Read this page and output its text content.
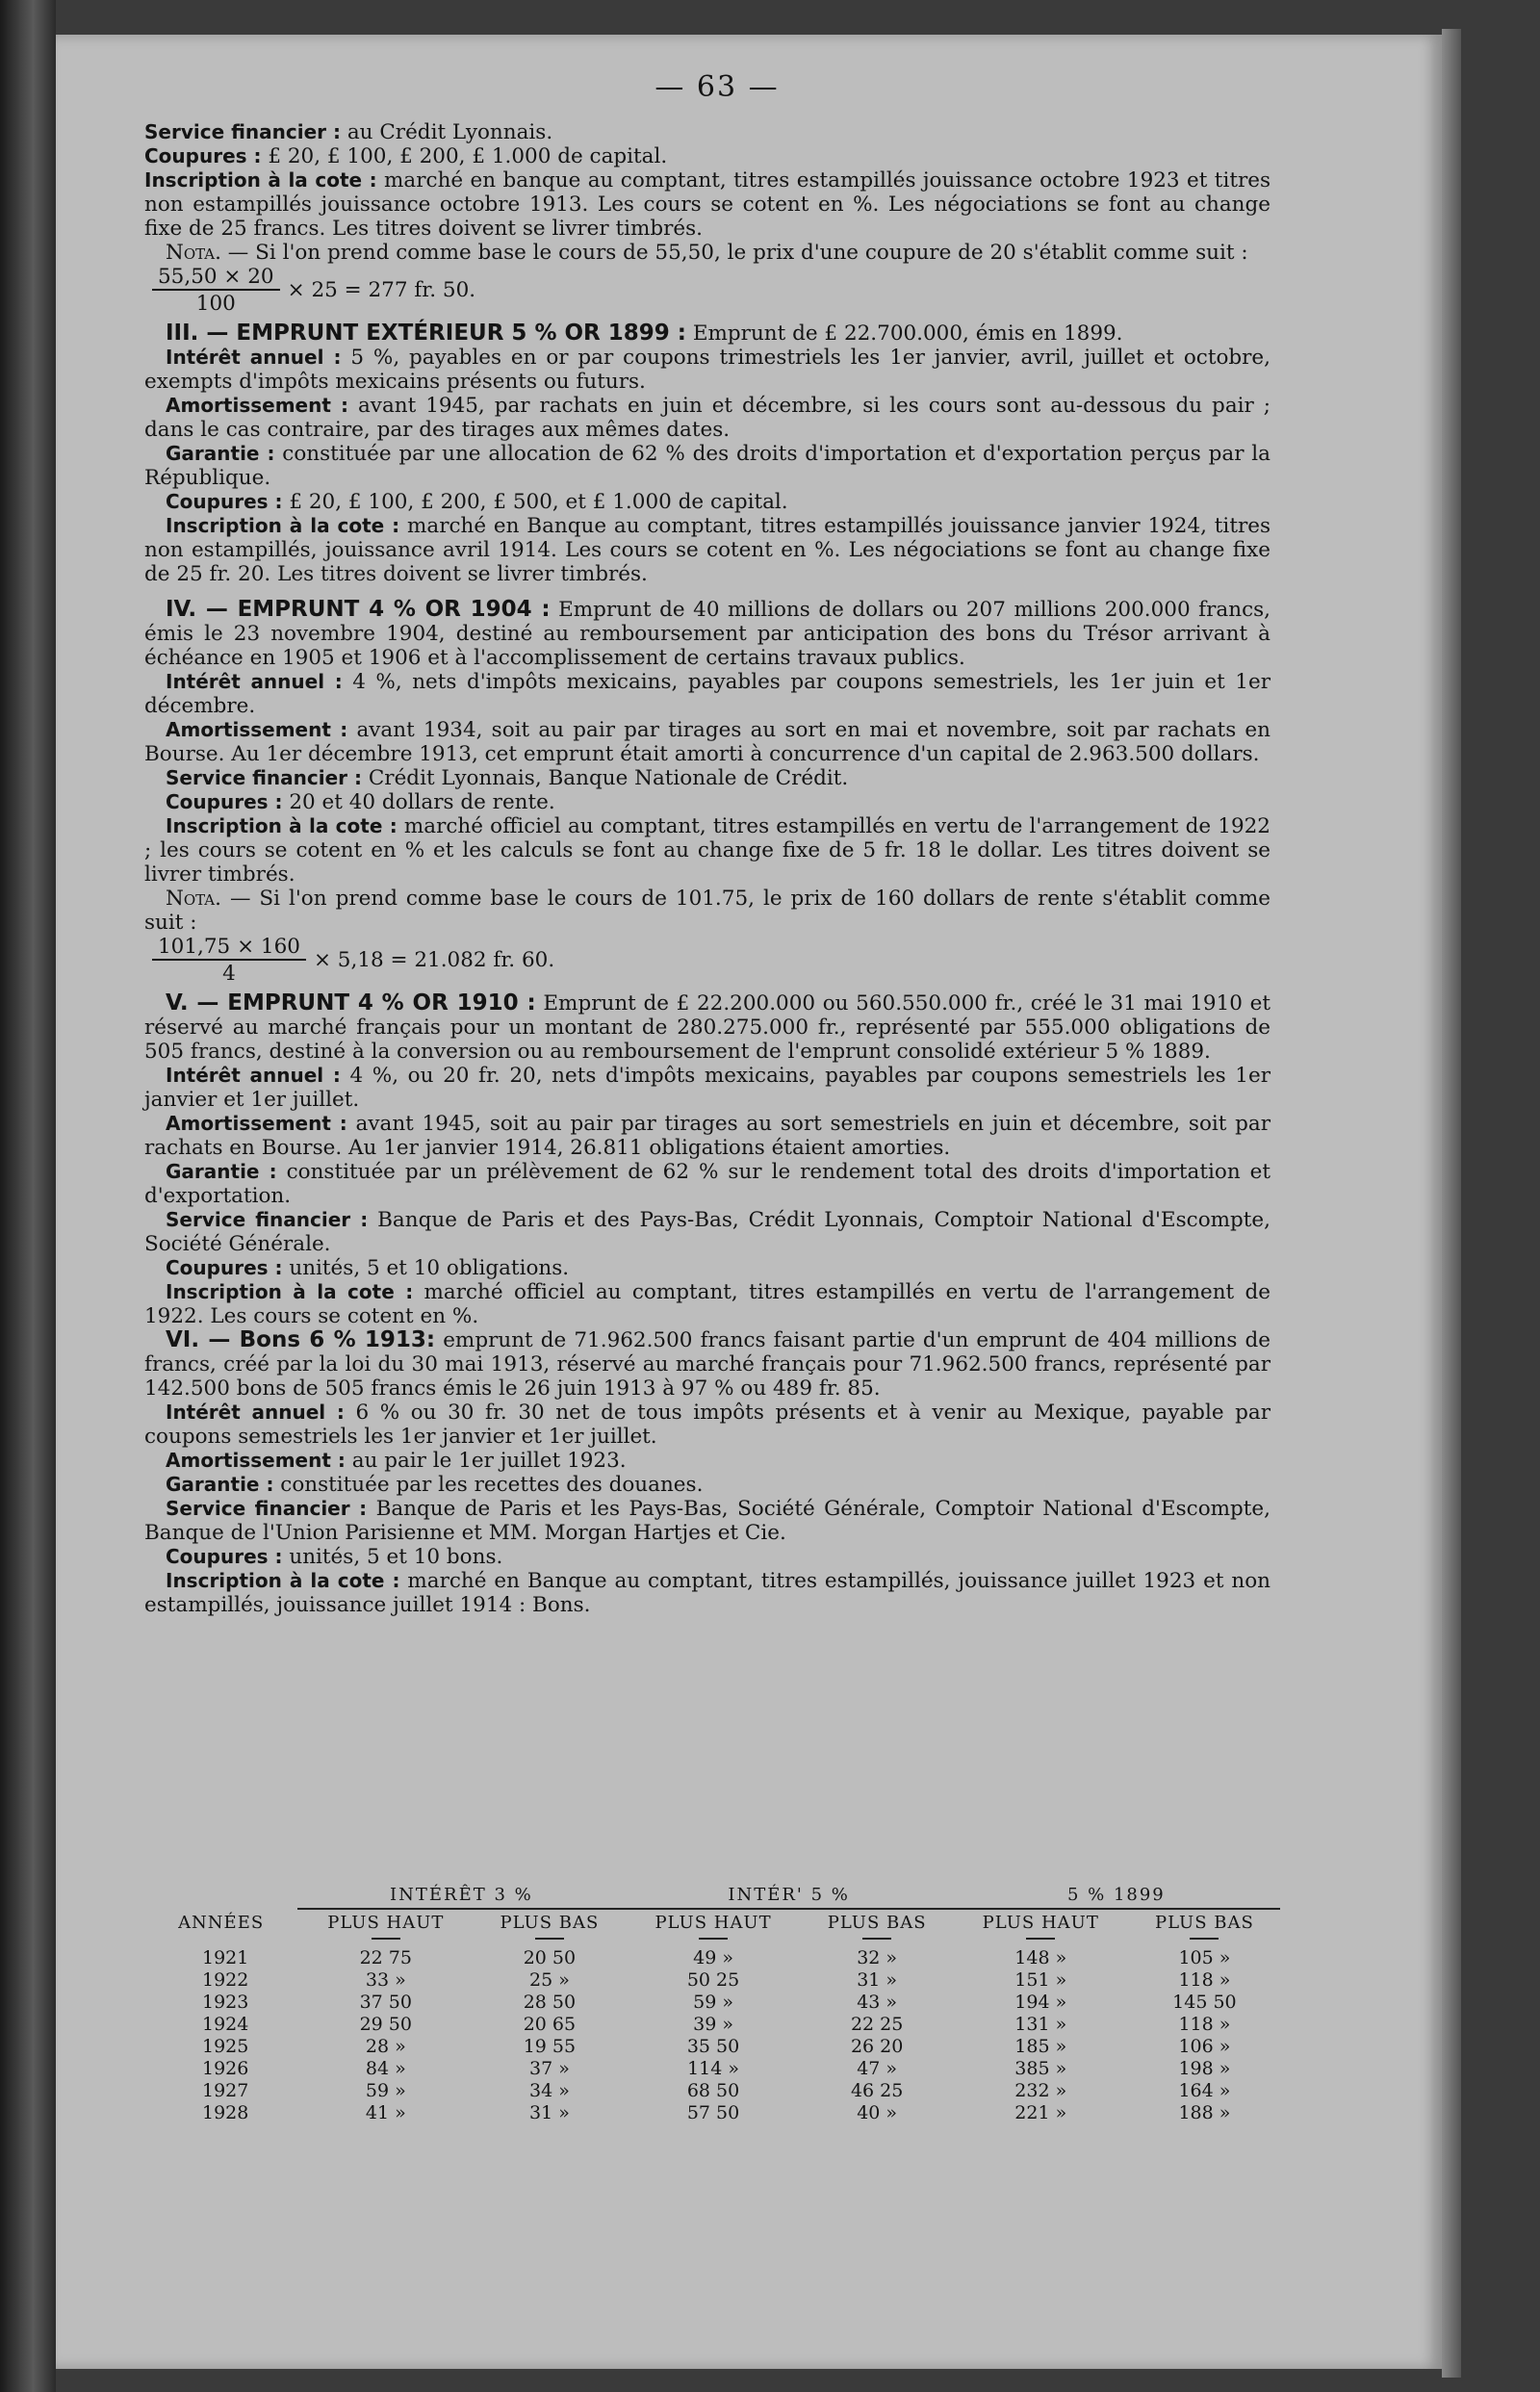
— 63 —

Service financier : au Crédit Lyonnais.

Coupures : £ 20, £ 100, £ 200, £ 1.000 de capital.

Inscription à la cote : marché en banque au comptant, titres estampillés jouissance octobre 1923 et titres non estampillés jouissance octobre 1913. Les cours se cotent en %. Les négociations se font au change fixe de 25 francs. Les titres doivent se livrer timbrés.

Nota. — Si l'on prend comme base le cours de 55,50, le prix d'une coupure de 20 s'établit comme suit :

$\frac{55,50 \times 20}{100} \times 25 = 277$ fr. 50.

III. — EMPRUNT EXTÉRIEUR 5 % OR 1899 : Emprunt de £ 22.700.000, émis en 1899.

Intérêt annuel : 5 %, payables en or par coupons trimestriels les 1er janvier, avril, juillet et octobre, exempts d'impôts mexicains présents ou futurs.

Amortissement : avant 1945, par rachats en juin et décembre, si les cours sont au-dessous du pair ; dans le cas contraire, par des tirages aux mêmes dates.

Garantie : constituée par une allocation de 62 % des droits d'importation et d'exportation perçus par la République.

Coupures : £ 20, £ 100, £ 200, £ 500, et £ 1.000 de capital.

Inscription à la cote : marché en Banque au comptant, titres estampillés jouissance janvier 1924, titres non estampillés, jouissance avril 1914. Les cours se cotent en %. Les négociations se font au change fixe de 25 fr. 20. Les titres doivent se livrer timbrés.

IV. — EMPRUNT 4 % OR 1904 : Emprunt de 40 millions de dollars ou 207 millions 200.000 francs, émis le 23 novembre 1904, destiné au remboursement par anticipation des bons du Trésor arrivant à échéance en 1905 et 1906 et à l'accomplissement de certains travaux publics.

Intérêt annuel : 4 %, nets d'impôts mexicains, payables par coupons semestriels, les 1er juin et 1er décembre.

Amortissement : avant 1934, soit au pair par tirages au sort en mai et novembre, soit par rachats en Bourse. Au 1er décembre 1913, cet emprunt était amorti à concurrence d'un capital de 2.963.500 dollars.

Service financier : Crédit Lyonnais, Banque Nationale de Crédit.

Coupures : 20 et 40 dollars de rente.

Inscription à la cote : marché officiel au comptant, titres estampillés en vertu de l'arrangement de 1922 ; les cours se cotent en % et les calculs se font au change fixe de 5 fr. 18 le dollar. Les titres doivent se livrer timbrés.

Nota. — Si l'on prend comme base le cours de 101.75, le prix de 160 dollars de rente s'établit comme suit :

$\frac{101,75 \times 160}{4} \times 5,18 = 21.082$ fr. 60.

V. — EMPRUNT 4 % OR 1910 : Emprunt de £ 22.200.000 ou 560.550.000 fr., créé le 31 mai 1910 et réservé au marché français pour un montant de 280.275.000 fr., représenté par 555.000 obligations de 505 francs, destiné à la conversion ou au remboursement de l'emprunt consolidé extérieur 5 % 1889.

Intérêt annuel : 4 %, ou 20 fr. 20, nets d'impôts mexicains, payables par coupons semestriels les 1er janvier et 1er juillet.

Amortissement : avant 1945, soit au pair par tirages au sort semestriels en juin et décembre, soit par rachats en Bourse. Au 1er janvier 1914, 26.811 obligations étaient amorties.

Garantie : constituée par un prélèvement de 62 % sur le rendement total des droits d'importation et d'exportation.

Service financier : Banque de Paris et des Pays-Bas, Crédit Lyonnais, Comptoir National d'Escompte, Société Générale.

Coupures : unités, 5 et 10 obligations.

Inscription à la cote : marché officiel au comptant, titres estampillés en vertu de l'arrangement de 1922. Les cours se cotent en %.

VI. — Bons 6 % 1913: emprunt de 71.962.500 francs faisant partie d'un emprunt de 404 millions de francs, créé par la loi du 30 mai 1913, réservé au marché français pour 71.962.500 francs, représenté par 142.500 bons de 505 francs émis le 26 juin 1913 à 97 % ou 489 fr. 85.

Intérêt annuel : 6 % ou 30 fr. 30 net de tous impôts présents et à venir au Mexique, payable par coupons semestriels les 1er janvier et 1er juillet.

Amortissement : au pair le 1er juillet 1923.

Garantie : constituée par les recettes des douanes.

Service financier : Banque de Paris et les Pays-Bas, Société Générale, Comptoir National d'Escompte, Banque de l'Union Parisienne et MM. Morgan Hartjes et Cie.

Coupures : unités, 5 et 10 bons.

Inscription à la cote : marché en Banque au comptant, titres estampillés, jouissance juillet 1923 et non estampillés, jouissance juillet 1914 : Bons.

	INTÉRÊT 3 %		INTÉR' 5 %		5 % 1899	
ANNÉES	PLUS HAUT	PLUS BAS	PLUS HAUT	PLUS BAS	PLUS HAUT	PLUS BAS

1921	22 75	20 50	49 »	32 »	148 »	105 »
1922	33 »	25 »	50 25	31 »	151 »	118 »
1923	37 50	28 50	59 »	43 »	194 »	145 50
1924	29 50	20 65	39 »	22 25	131 »	118 »
1925	28 »	19 55	35 50	26 20	185 »	106 »
1926	84 »	37 »	114 »	47 »	385 »	198 »
1927	59 »	34 »	68 50	46 25	232 »	164 »
1928	41 »	31 »	57 50	40 »	221 »	188 »
